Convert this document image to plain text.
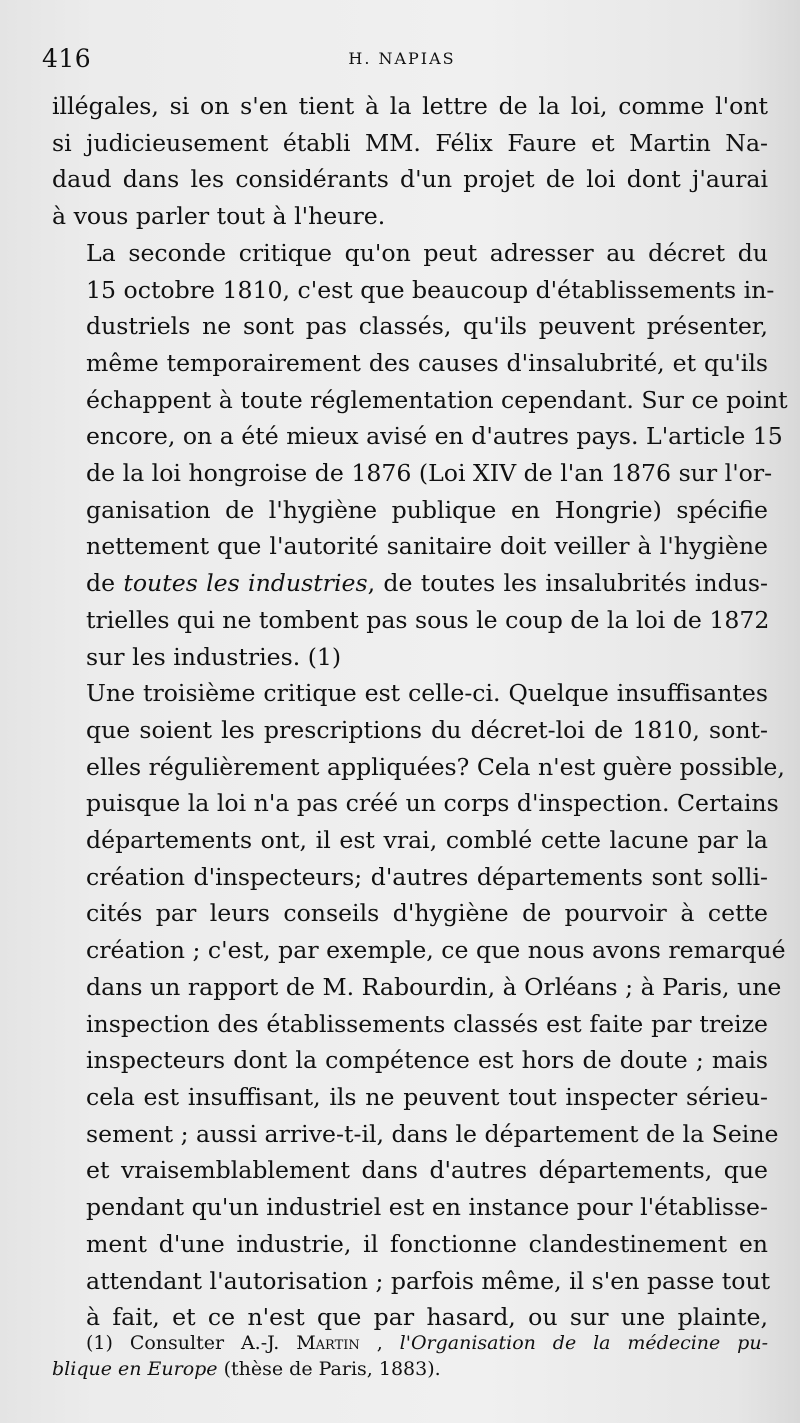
416	H. NAPIAS

illégales, si on s'en tient à la lettre de la loi, comme l'ont
si judicieusement établi MM. Félix Faure et Martin Na-
daud dans les considérants d'un projet de loi dont j'aurai
à vous parler tout à l'heure.

La seconde critique qu'on peut adresser au décret du
15 octobre 1810, c'est que beaucoup d'établissements in-
dustriels ne sont pas classés, qu'ils peuvent présenter,
même temporairement des causes d'insalubrité, et qu'ils
échappent à toute réglementation cependant. Sur ce point
encore, on a été mieux avisé en d'autres pays. L'article 15
de la loi hongroise de 1876 (Loi XIV de l'an 1876 sur l'or-
ganisation de l'hygiène publique en Hongrie) spécifie
nettement que l'autorité sanitaire doit veiller à l'hygiène
de toutes les industries, de toutes les insalubrités indus-
trielles qui ne tombent pas sous le coup de la loi de 1872
sur les industries. (1)

Une troisième critique est celle-ci. Quelque insuffisantes
que soient les prescriptions du décret-loi de 1810, sont-
elles régulièrement appliquées? Cela n'est guère possible,
puisque la loi n'a pas créé un corps d'inspection. Certains
départements ont, il est vrai, comblé cette lacune par la
création d'inspecteurs; d'autres départements sont solli-
cités par leurs conseils d'hygiène de pourvoir à cette
création ; c'est, par exemple, ce que nous avons remarqué
dans un rapport de M. Rabourdin, à Orléans ; à Paris, une
inspection des établissements classés est faite par treize
inspecteurs dont la compétence est hors de doute ; mais
cela est insuffisant, ils ne peuvent tout inspecter sérieu-
sement ; aussi arrive-t-il, dans le département de la Seine
et vraisemblablement dans d'autres départements, que
pendant qu'un industriel est en instance pour l'établisse-
ment d'une industrie, il fonctionne clandestinement en
attendant l'autorisation ; parfois même, il s'en passe tout
à fait, et ce n'est que par hasard, ou sur une plainte,

(1) Consulter A.-J. Martin , l'Organisation de la médecine pu-
blique en Europe (thèse de Paris, 1883).
